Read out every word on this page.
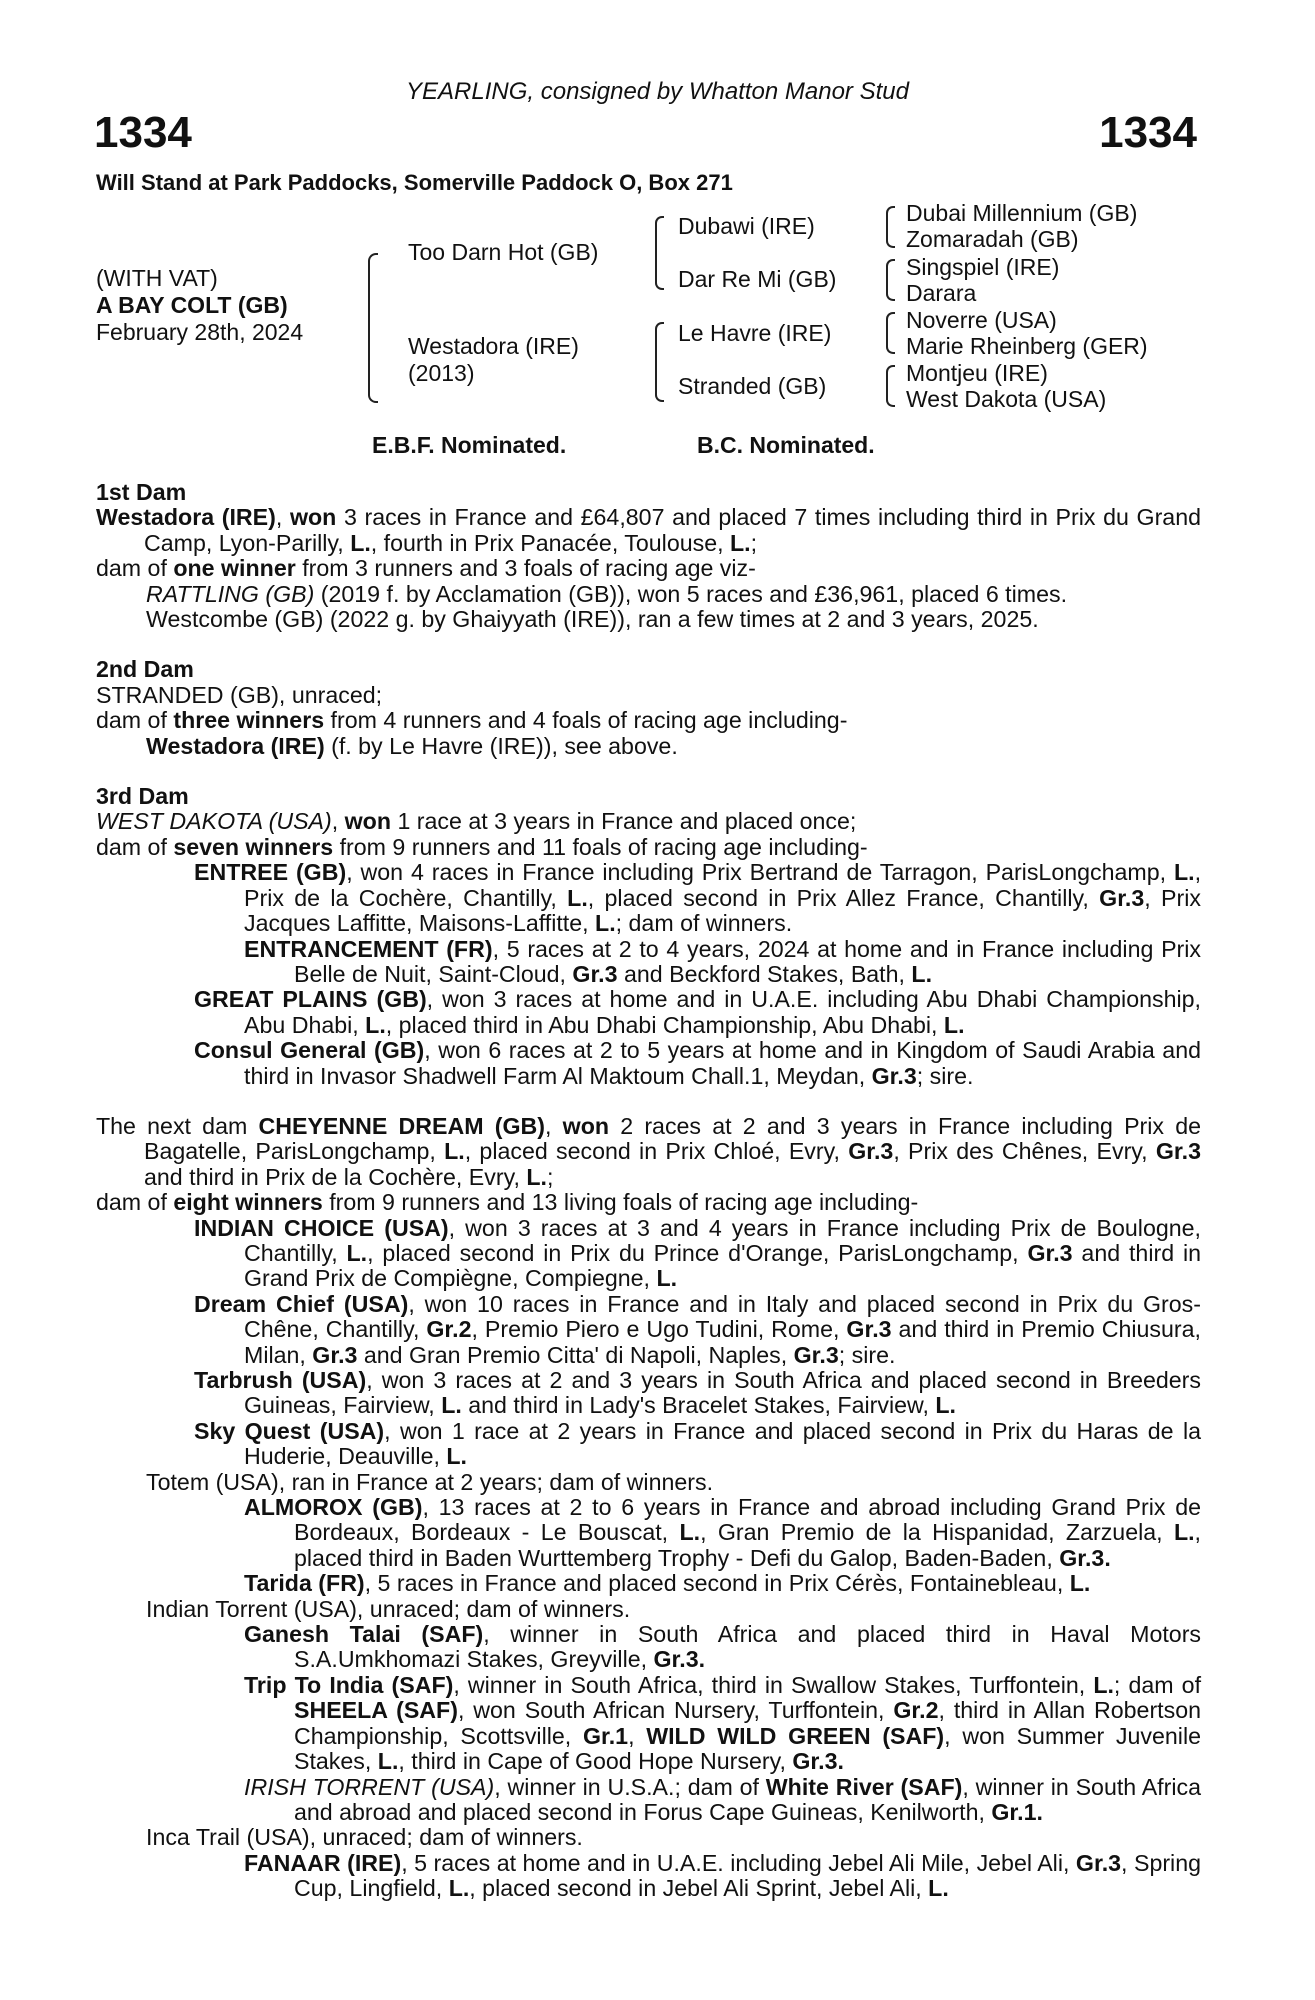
YEARLING, consigned by Whatton Manor Stud
1334	1334
Will Stand at Park Paddocks, Somerville Paddock O, Box 271
(WITH VAT)
A BAY COLT (GB)
February 28th, 2024
Too Darn Hot (GB)
Westadora (IRE)
(2013)
Dubawi (IRE)
Dar Re Mi (GB)
Le Havre (IRE)
Stranded (GB)
Dubai Millennium (GB)
Zomaradah (GB)
Singspiel (IRE)
Darara
Noverre (USA)
Marie Rheinberg (GER)
Montjeu (IRE)
West Dakota (USA)
E.B.F. Nominated.	B.C. Nominated.

1st Dam

Westadora (IRE), won 3 races in France and £64,807 and placed 7 times including third in Prix du Grand Camp, Lyon-Parilly, L., fourth in Prix Panacée, Toulouse, L.;

dam of one winner from 3 runners and 3 foals of racing age viz-

RATTLING (GB) (2019 f. by Acclamation (GB)), won 5 races and £36,961, placed 6 times.

Westcombe (GB) (2022 g. by Ghaiyyath (IRE)), ran a few times at 2 and 3 years, 2025.

2nd Dam

STRANDED (GB), unraced;

dam of three winners from 4 runners and 4 foals of racing age including-

Westadora (IRE) (f. by Le Havre (IRE)), see above.

3rd Dam

WEST DAKOTA (USA), won 1 race at 3 years in France and placed once;

dam of seven winners from 9 runners and 11 foals of racing age including-

ENTREE (GB), won 4 races in France including Prix Bertrand de Tarragon, ParisLongchamp, L., Prix de la Cochère, Chantilly, L., placed second in Prix Allez France, Chantilly, Gr.3, Prix Jacques Laffitte, Maisons-Laffitte, L.; dam of winners.

ENTRANCEMENT (FR), 5 races at 2 to 4 years, 2024 at home and in France including Prix Belle de Nuit, Saint-Cloud, Gr.3 and Beckford Stakes, Bath, L.

GREAT PLAINS (GB), won 3 races at home and in U.A.E. including Abu Dhabi Championship, Abu Dhabi, L., placed third in Abu Dhabi Championship, Abu Dhabi, L.

Consul General (GB), won 6 races at 2 to 5 years at home and in Kingdom of Saudi Arabia and third in Invasor Shadwell Farm Al Maktoum Chall.1, Meydan, Gr.3; sire.

The next dam CHEYENNE DREAM (GB), won 2 races at 2 and 3 years in France including Prix de Bagatelle, ParisLongchamp, L., placed second in Prix Chloé, Evry, Gr.3, Prix des Chênes, Evry, Gr.3 and third in Prix de la Cochère, Evry, L.;

dam of eight winners from 9 runners and 13 living foals of racing age including-

INDIAN CHOICE (USA), won 3 races at 3 and 4 years in France including Prix de Boulogne, Chantilly, L., placed second in Prix du Prince d'Orange, ParisLongchamp, Gr.3 and third in Grand Prix de Compiègne, Compiegne, L.

Dream Chief (USA), won 10 races in France and in Italy and placed second in Prix du Gros-Chêne, Chantilly, Gr.2, Premio Piero e Ugo Tudini, Rome, Gr.3 and third in Premio Chiusura, Milan, Gr.3 and Gran Premio Citta' di Napoli, Naples, Gr.3; sire.

Tarbrush (USA), won 3 races at 2 and 3 years in South Africa and placed second in Breeders Guineas, Fairview, L. and third in Lady's Bracelet Stakes, Fairview, L.

Sky Quest (USA), won 1 race at 2 years in France and placed second in Prix du Haras de la Huderie, Deauville, L.

Totem (USA), ran in France at 2 years; dam of winners.

ALMOROX (GB), 13 races at 2 to 6 years in France and abroad including Grand Prix de Bordeaux, Bordeaux - Le Bouscat, L., Gran Premio de la Hispanidad, Zarzuela, L., placed third in Baden Wurttemberg Trophy - Defi du Galop, Baden-Baden, Gr.3.

Tarida (FR), 5 races in France and placed second in Prix Cérès, Fontainebleau, L.

Indian Torrent (USA), unraced; dam of winners.

Ganesh Talai (SAF), winner in South Africa and placed third in Haval Motors S.A.Umkhomazi Stakes, Greyville, Gr.3.

Trip To India (SAF), winner in South Africa, third in Swallow Stakes, Turffontein, L.; dam of SHEELA (SAF), won South African Nursery, Turffontein, Gr.2, third in Allan Robertson Championship, Scottsville, Gr.1, WILD WILD GREEN (SAF), won Summer Juvenile Stakes, L., third in Cape of Good Hope Nursery, Gr.3.

IRISH TORRENT (USA), winner in U.S.A.; dam of White River (SAF), winner in South Africa and abroad and placed second in Forus Cape Guineas, Kenilworth, Gr.1.

Inca Trail (USA), unraced; dam of winners.

FANAAR (IRE), 5 races at home and in U.A.E. including Jebel Ali Mile, Jebel Ali, Gr.3, Spring Cup, Lingfield, L., placed second in Jebel Ali Sprint, Jebel Ali, L.
